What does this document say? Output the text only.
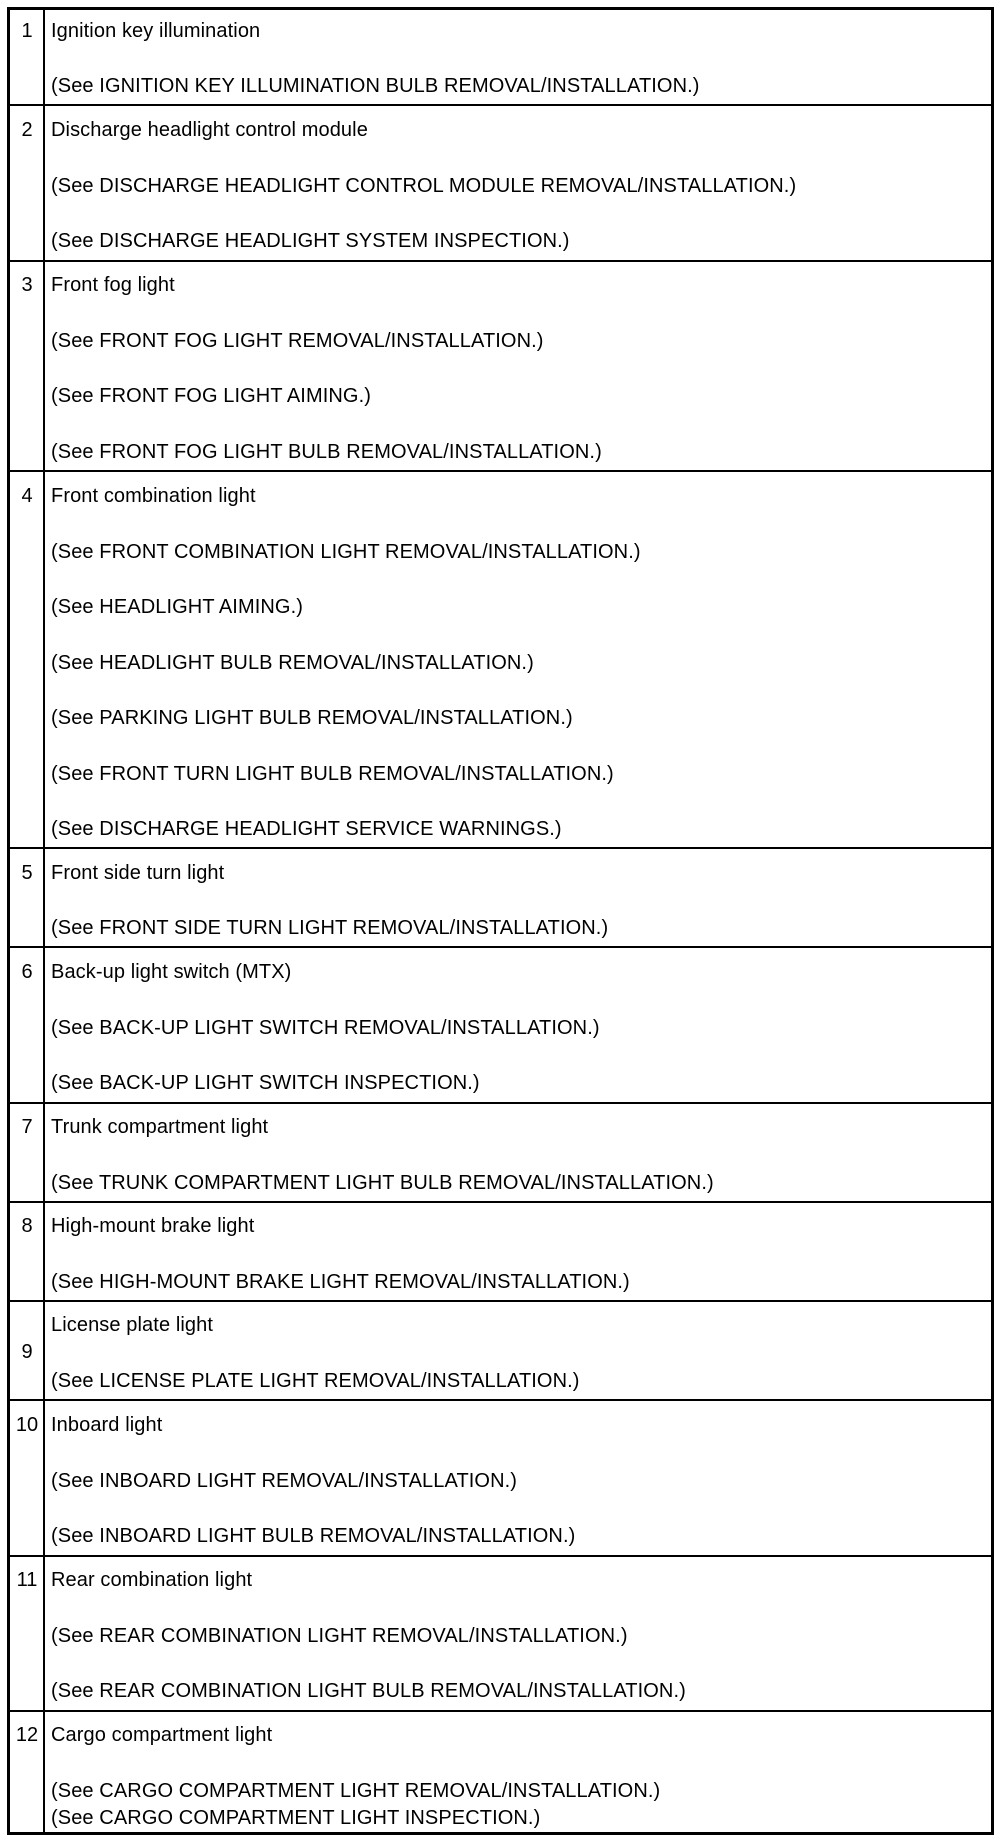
1 Ignition key illumination
(See IGNITION KEY ILLUMINATION BULB REMOVAL/INSTALLATION.)
2 Discharge headlight control module
(See DISCHARGE HEADLIGHT CONTROL MODULE REMOVAL/INSTALLATION.)
(See DISCHARGE HEADLIGHT SYSTEM INSPECTION.)
3 Front fog light
(See FRONT FOG LIGHT REMOVAL/INSTALLATION.)
(See FRONT FOG LIGHT AIMING.)
(See FRONT FOG LIGHT BULB REMOVAL/INSTALLATION.)
4 Front combination light
(See FRONT COMBINATION LIGHT REMOVAL/INSTALLATION.)
(See HEADLIGHT AIMING.)
(See HEADLIGHT BULB REMOVAL/INSTALLATION.)
(See PARKING LIGHT BULB REMOVAL/INSTALLATION.)
(See FRONT TURN LIGHT BULB REMOVAL/INSTALLATION.)
(See DISCHARGE HEADLIGHT SERVICE WARNINGS.)
5 Front side turn light
(See FRONT SIDE TURN LIGHT REMOVAL/INSTALLATION.)
6 Back-up light switch (MTX)
(See BACK-UP LIGHT SWITCH REMOVAL/INSTALLATION.)
(See BACK-UP LIGHT SWITCH INSPECTION.)
7 Trunk compartment light
(See TRUNK COMPARTMENT LIGHT BULB REMOVAL/INSTALLATION.)
8 High-mount brake light
(See HIGH-MOUNT BRAKE LIGHT REMOVAL/INSTALLATION.)
9
License plate light
(See LICENSE PLATE LIGHT REMOVAL/INSTALLATION.)
10 Inboard light
(See INBOARD LIGHT REMOVAL/INSTALLATION.)
(See INBOARD LIGHT BULB REMOVAL/INSTALLATION.)
11 Rear combination light
(See REAR COMBINATION LIGHT REMOVAL/INSTALLATION.)
(See REAR COMBINATION LIGHT BULB REMOVAL/INSTALLATION.)
12 Cargo compartment light
(See CARGO COMPARTMENT LIGHT REMOVAL/INSTALLATION.)
(See CARGO COMPARTMENT LIGHT INSPECTION.)
